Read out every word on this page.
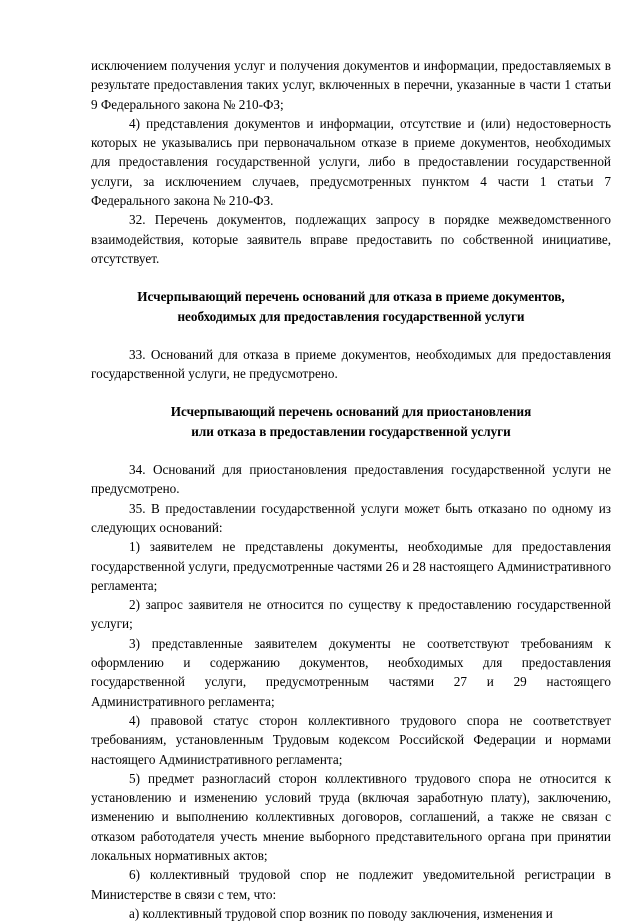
исключением получения услуг и получения документов и информации, предоставляемых в результате предоставления таких услуг, включенных в перечни, указанные в части 1 статьи 9 Федерального закона № 210-ФЗ;

4) представления документов и информации, отсутствие и (или) недостоверность которых не указывались при первоначальном отказе в приеме документов, необходимых для предоставления государственной услуги, либо в предоставлении государственной услуги, за исключением случаев, предусмотренных пунктом 4 части 1 статьи 7 Федерального закона № 210-ФЗ.

32. Перечень документов, подлежащих запросу в порядке межведомственного взаимодействия, которые заявитель вправе предоставить по собственной инициативе, отсутствует.

Исчерпывающий перечень оснований для отказа в приеме документов,
необходимых для предоставления государственной услуги

33. Оснований для отказа в приеме документов, необходимых для предоставления государственной услуги, не предусмотрено.

Исчерпывающий перечень оснований для приостановления
или отказа в предоставлении государственной услуги

34. Оснований для приостановления предоставления государственной услуги не предусмотрено.

35. В предоставлении государственной услуги может быть отказано по одному из следующих оснований:

1) заявителем не представлены документы, необходимые для предоставления государственной услуги, предусмотренные частями 26 и 28 настоящего Административного регламента;

2) запрос заявителя не относится по существу к предоставлению государственной услуги;

3) представленные заявителем документы не соответствуют требованиям к оформлению и содержанию документов, необходимых для предоставления государственной услуги, предусмотренным частями 27 и 29 настоящего Административного регламента;

4) правовой статус сторон коллективного трудового спора не соответствует требованиям, установленным Трудовым кодексом Российской Федерации и нормами настоящего Административного регламента;

5) предмет разногласий сторон коллективного трудового спора не относится к установлению и изменению условий труда (включая заработную плату), заключению, изменению и выполнению коллективных договоров, соглашений, а также не связан с отказом работодателя учесть мнение выборного представительного органа при принятии локальных нормативных актов;

6) коллективный трудовой спор не подлежит уведомительной регистрации в Министерстве в связи с тем, что:

а) коллективный трудовой спор возник по поводу заключения, изменения и
